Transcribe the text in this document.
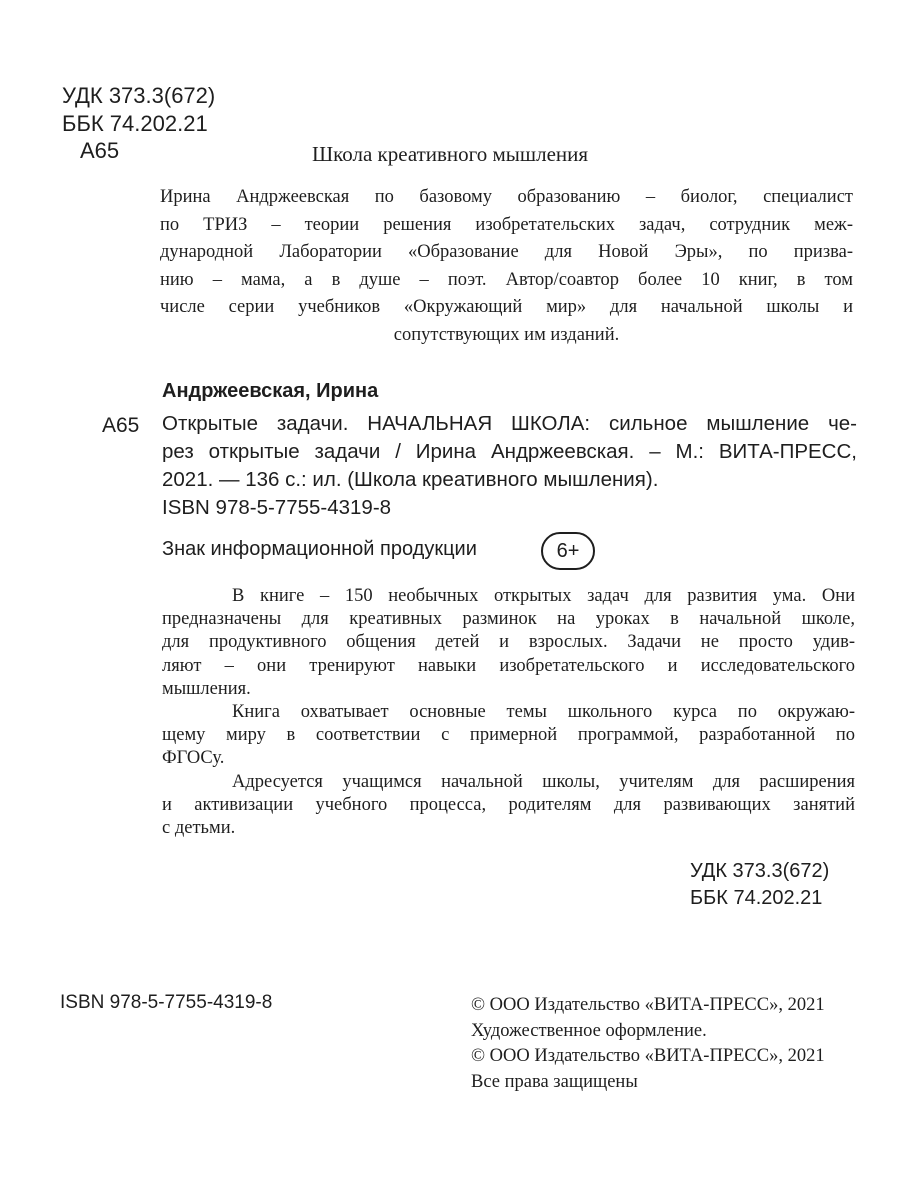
УДК 373.3(672)
ББК 74.202.21
А65	Школа креативного мышления
Ирина Андржеевская по базовому образованию – биолог, специалист
по ТРИЗ – теории решения изобретательских задач, сотрудник меж-
дународной Лаборатории «Образование для Новой Эры», по призва-
нию – мама, а в душе – поэт. Автор/соавтор более 10 книг, в том
числе серии учебников «Окружающий мир» для начальной школы и
сопутствующих им изданий.
Андржеевская, Ирина
А65 Открытые задачи. НАЧАЛЬНАЯ ШКОЛА: сильное мышление че-
рез открытые задачи / Ирина Андржеевская. – М.: ВИТА-ПРЕСС,
2021. — 136 с.: ил. (Школа креативного мышления).
ISBN 978-5-7755-4319-8
Знак информационной продукции	6+
В книге – 150 необычных открытых задач для развития ума. Они
предназначены для креативных разминок на уроках в начальной школе,
для продуктивного общения детей и взрослых. Задачи не просто удив-
ляют – они тренируют навыки изобретательского и исследовательского
мышления.
Книга охватывает основные темы школьного курса по окружаю-
щему миру в соответствии с примерной программой, разработанной по
ФГОСу.
Адресуется учащимся начальной школы, учителям для расширения
и активизации учебного процесса, родителям для развивающих занятий
с детьми.
УДК 373.3(672)
ББК 74.202.21
ISBN 978-5-7755-4319-8	© ООО Издательство «ВИТА-ПРЕСС», 2021
Художественное оформление.
© ООО Издательство «ВИТА-ПРЕСС», 2021
Все права защищены
